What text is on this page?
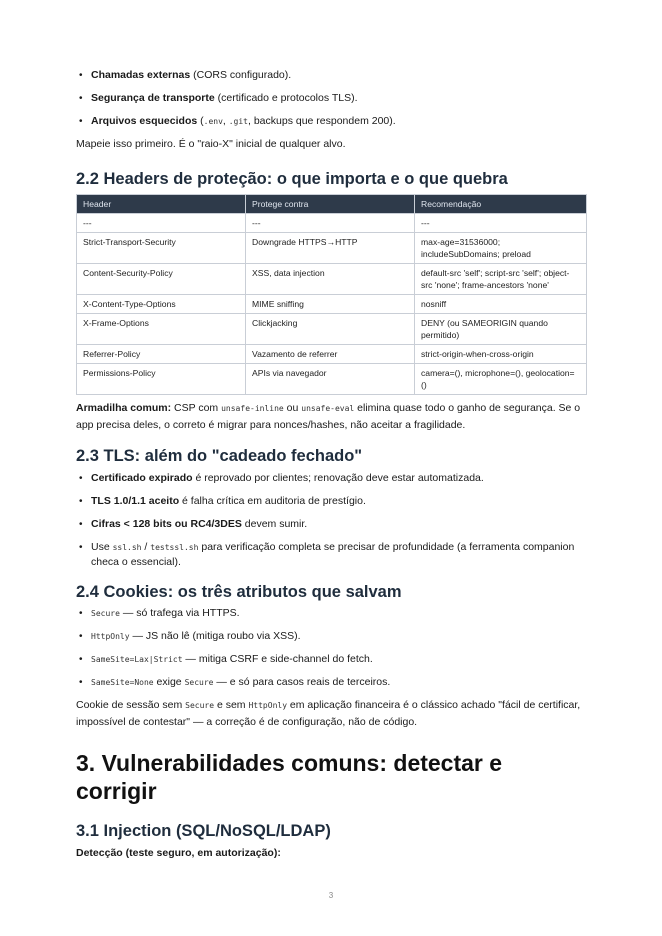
• Chamadas externas (CORS configurado).
• Segurança de transporte (certificado e protocolos TLS).
• Arquivos esquecidos (.env, .git, backups que respondem 200).

Mapeie isso primeiro. É o "raio-X" inicial de qualquer alvo.

2.2 Headers de proteção: o que importa e o que quebra
Header	Protege contra	Recomendação
---	---	---
Strict-Transport-Security	Downgrade HTTPS→HTTP	max-age=31536000; includeSubDomains; preload
Content-Security-Policy	XSS, data injection	default-src 'self'; script-src 'self'; object-src 'none'; frame-ancestors 'none'
X-Content-Type-Options	MIME sniffing	nosniff
X-Frame-Options	Clickjacking	DENY (ou SAMEORIGIN quando permitido)
Referrer-Policy	Vazamento de referrer	strict-origin-when-cross-origin
Permissions-Policy	APIs via navegador	camera=(), microphone=(), geolocation=()

Armadilha comum: CSP com unsafe-inline ou unsafe-eval elimina quase todo o ganho de segurança. Se o app precisa deles, o correto é migrar para nonces/hashes, não aceitar a fragilidade.

2.3 TLS: além do "cadeado fechado"
• Certificado expirado é reprovado por clientes; renovação deve estar automatizada.
• TLS 1.0/1.1 aceito é falha crítica em auditoria de prestígio.
• Cifras < 128 bits ou RC4/3DES devem sumir.
• Use ssl.sh / testssl.sh para verificação completa se precisar de profundidade (a ferramenta companion checa o essencial).
2.4 Cookies: os três atributos que salvam
• Secure — só trafega via HTTPS.
• HttpOnly — JS não lê (mitiga roubo via XSS).
• SameSite=Lax|Strict — mitiga CSRF e side-channel do fetch.
• SameSite=None exige Secure — e só para casos reais de terceiros.

Cookie de sessão sem Secure e sem HttpOnly em aplicação financeira é o clássico achado "fácil de certificar, impossível de contestar" — a correção é de configuração, não de código.

3. Vulnerabilidades comuns: detectar e corrigir
3.1 Injection (SQL/NoSQL/LDAP)

Detecção (teste seguro, em autorização):

3
